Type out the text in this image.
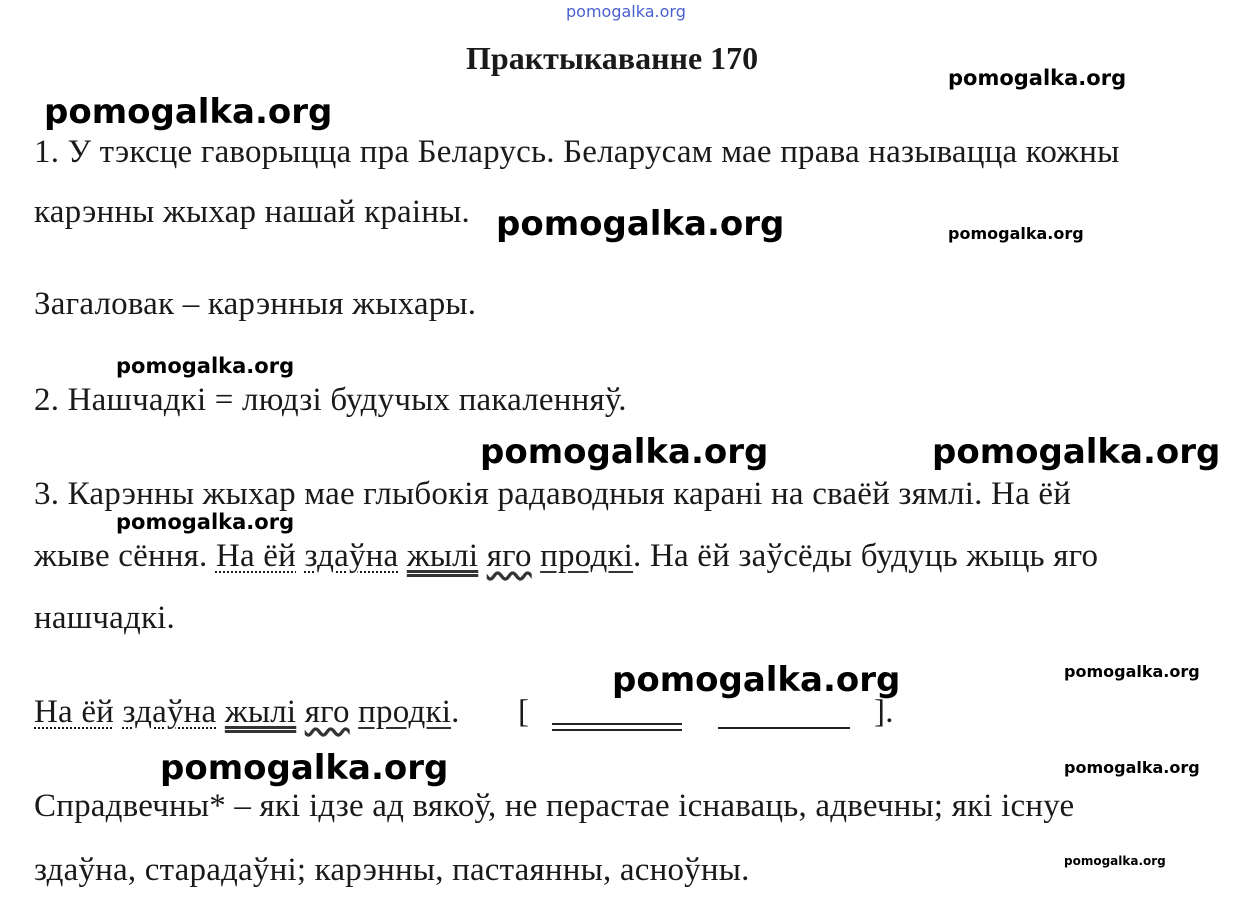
pomogalka.org
Практыкаванне 170
pomogalka.org
pomogalka.org
pomogalka.org	pomogalka.org
pomogalka.org
pomogalka.org	pomogalka.org
pomogalka.org
pomogalka.org	pomogalka.org
pomogalka.org	pomogalka.org
pomogalka.org
1. У тэксце гаворыцца пра Беларусь. Беларусам мае права называцца кожны
карэнны жыхар нашай краіны.
Загаловак – карэнныя жыхары.
2. Нашчадкі = людзі будучых пакаленняў.
3. Карэнны жыхар мае глыбокія радаводныя карані на сваёй зямлі. На ёй
жыве сёння. На ёй здаўна жылі яго продкі. На ёй заўсёды будуць жыць яго
нашчадкі.
На ёй здаўна жылі яго продкі. [	].
Спрадвечны* – які ідзе ад вякоў, не перастае існаваць, адвечны; які існуе
здаўна, старадаўні; карэнны, пастаянны, асноўны.
